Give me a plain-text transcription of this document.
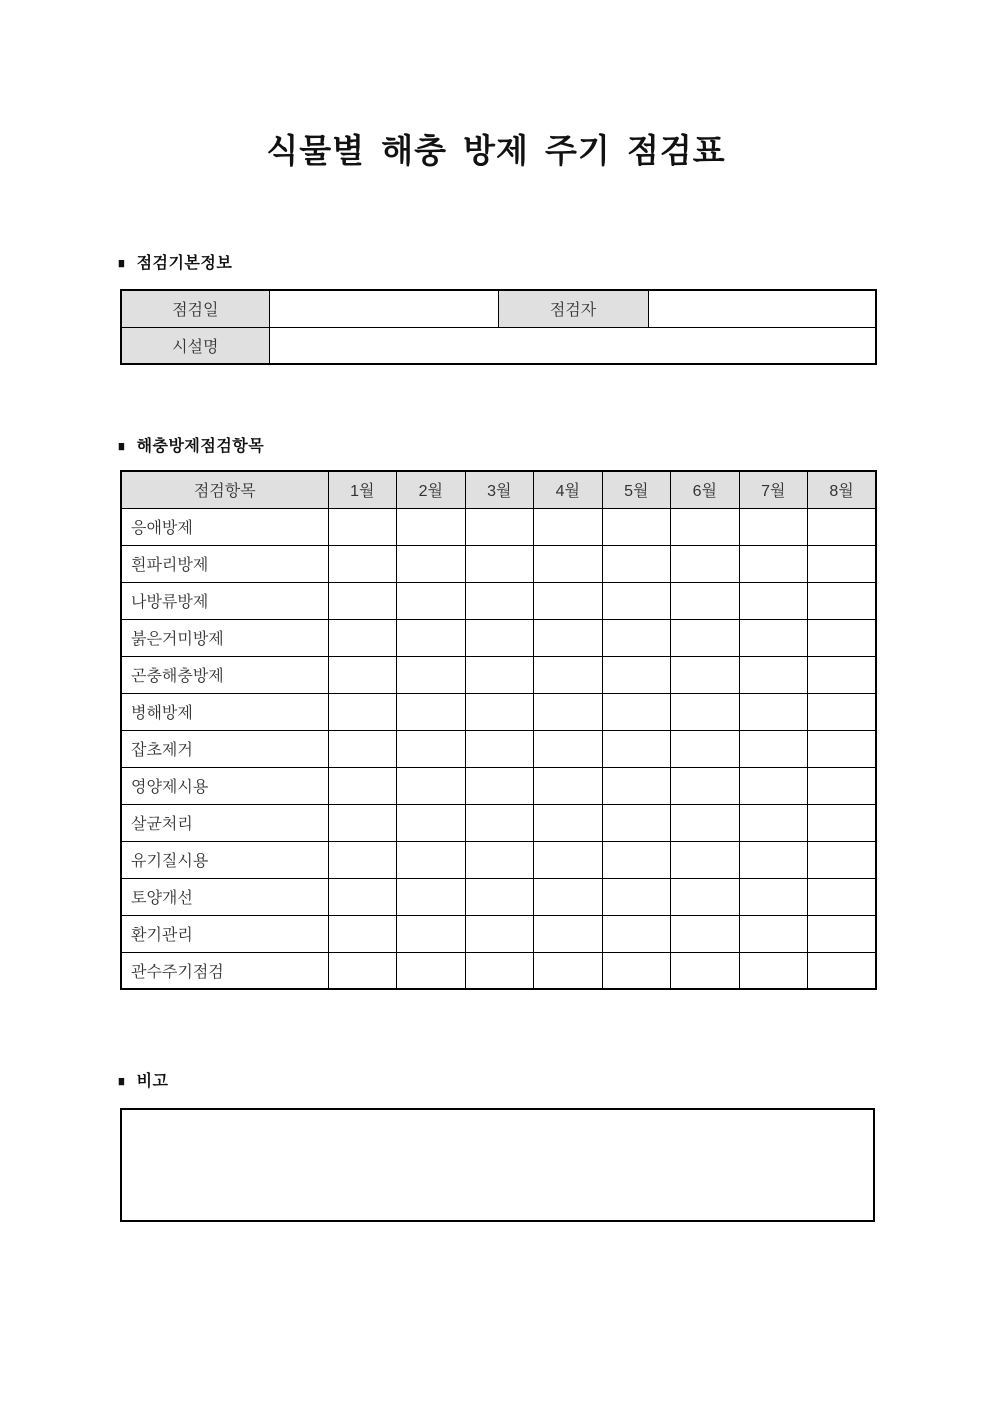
식물별 해충 방제 주기 점검표
■ 점검기본정보
점검일		점검자	
시설명			
■ 해충방제점검항목
점검항목	1월	2월	3월	4월	5월	6월	7월	8월
응애방제								
흰파리방제								
나방류방제								
붉은거미방제								
곤충해충방제								
병해방제								
잡초제거								
영양제시용								
살균처리								
유기질시용								
토양개선								
환기관리								
관수주기점검								
■ 비고
